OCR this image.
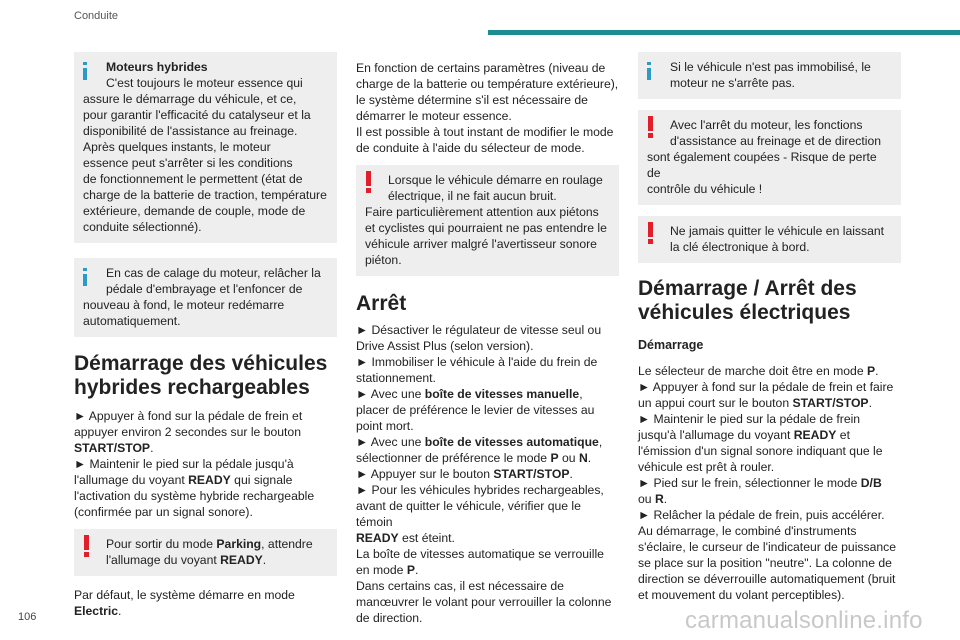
Conduite
Moteurs hybrides
C'est toujours le moteur essence qui
assure le démarrage du véhicule, et ce,
pour garantir l'efficacité du catalyseur et la
disponibilité de l'assistance au freinage.
Après quelques instants, le moteur
essence peut s'arrêter si les conditions
de fonctionnement le permettent (état de
charge de la batterie de traction, température
extérieure, demande de couple, mode de
conduite sélectionné).
En cas de calage du moteur, relâcher la
pédale d'embrayage et l'enfoncer de
nouveau à fond, le moteur redémarre
automatiquement.
Démarrage des véhicules hybrides rechargeables
► Appuyer à fond sur la pédale de frein et
appuyer environ 2 secondes sur le bouton
START/STOP.
► Maintenir le pied sur la pédale jusqu'à
l'allumage du voyant READY qui signale
l'activation du système hybride rechargeable
(confirmée par un signal sonore).
Pour sortir du mode Parking, attendre
l'allumage du voyant READY.
Par défaut, le système démarre en mode
Electric.
En fonction de certains paramètres (niveau de
charge de la batterie ou température extérieure),
le système détermine s'il est nécessaire de
démarrer le moteur essence.
Il est possible à tout instant de modifier le mode
de conduite à l'aide du sélecteur de mode.
Lorsque le véhicule démarre en roulage
électrique, il ne fait aucun bruit.
Faire particulièrement attention aux piétons
et cyclistes qui pourraient ne pas entendre le
véhicule arriver malgré l'avertisseur sonore
piéton.
Arrêt
► Désactiver le régulateur de vitesse seul ou
Drive Assist Plus (selon version).
► Immobiliser le véhicule à l'aide du frein de
stationnement.
► Avec une boîte de vitesses manuelle,
placer de préférence le levier de vitesses au
point mort.
► Avec une boîte de vitesses automatique,
sélectionner de préférence le mode P ou N.
► Appuyer sur le bouton START/STOP.
► Pour les véhicules hybrides rechargeables,
avant de quitter le véhicule, vérifier que le témoin
READY est éteint.
La boîte de vitesses automatique se verrouille
en mode P.
Dans certains cas, il est nécessaire de
manœuvrer le volant pour verrouiller la colonne
de direction.
Si le véhicule n'est pas immobilisé, le
moteur ne s'arrête pas.
Avec l'arrêt du moteur, les fonctions
d'assistance au freinage et de direction
sont également coupées - Risque de perte de
contrôle du véhicule !
Ne jamais quitter le véhicule en laissant
la clé électronique à bord.
Démarrage / Arrêt des véhicules électriques
Démarrage
Le sélecteur de marche doit être en mode P.
► Appuyer à fond sur la pédale de frein et faire
un appui court sur le bouton START/STOP.
► Maintenir le pied sur la pédale de frein
jusqu'à l'allumage du voyant READY et
l'émission d'un signal sonore indiquant que le
véhicule est prêt à rouler.
► Pied sur le frein, sélectionner le mode D/B
ou R.
► Relâcher la pédale de frein, puis accélérer.
Au démarrage, le combiné d'instruments
s'éclaire, le curseur de l'indicateur de puissance
se place sur la position "neutre". La colonne de
direction se déverrouille automatiquement (bruit
et mouvement du volant perceptibles).
106	carmanualsonline.info
